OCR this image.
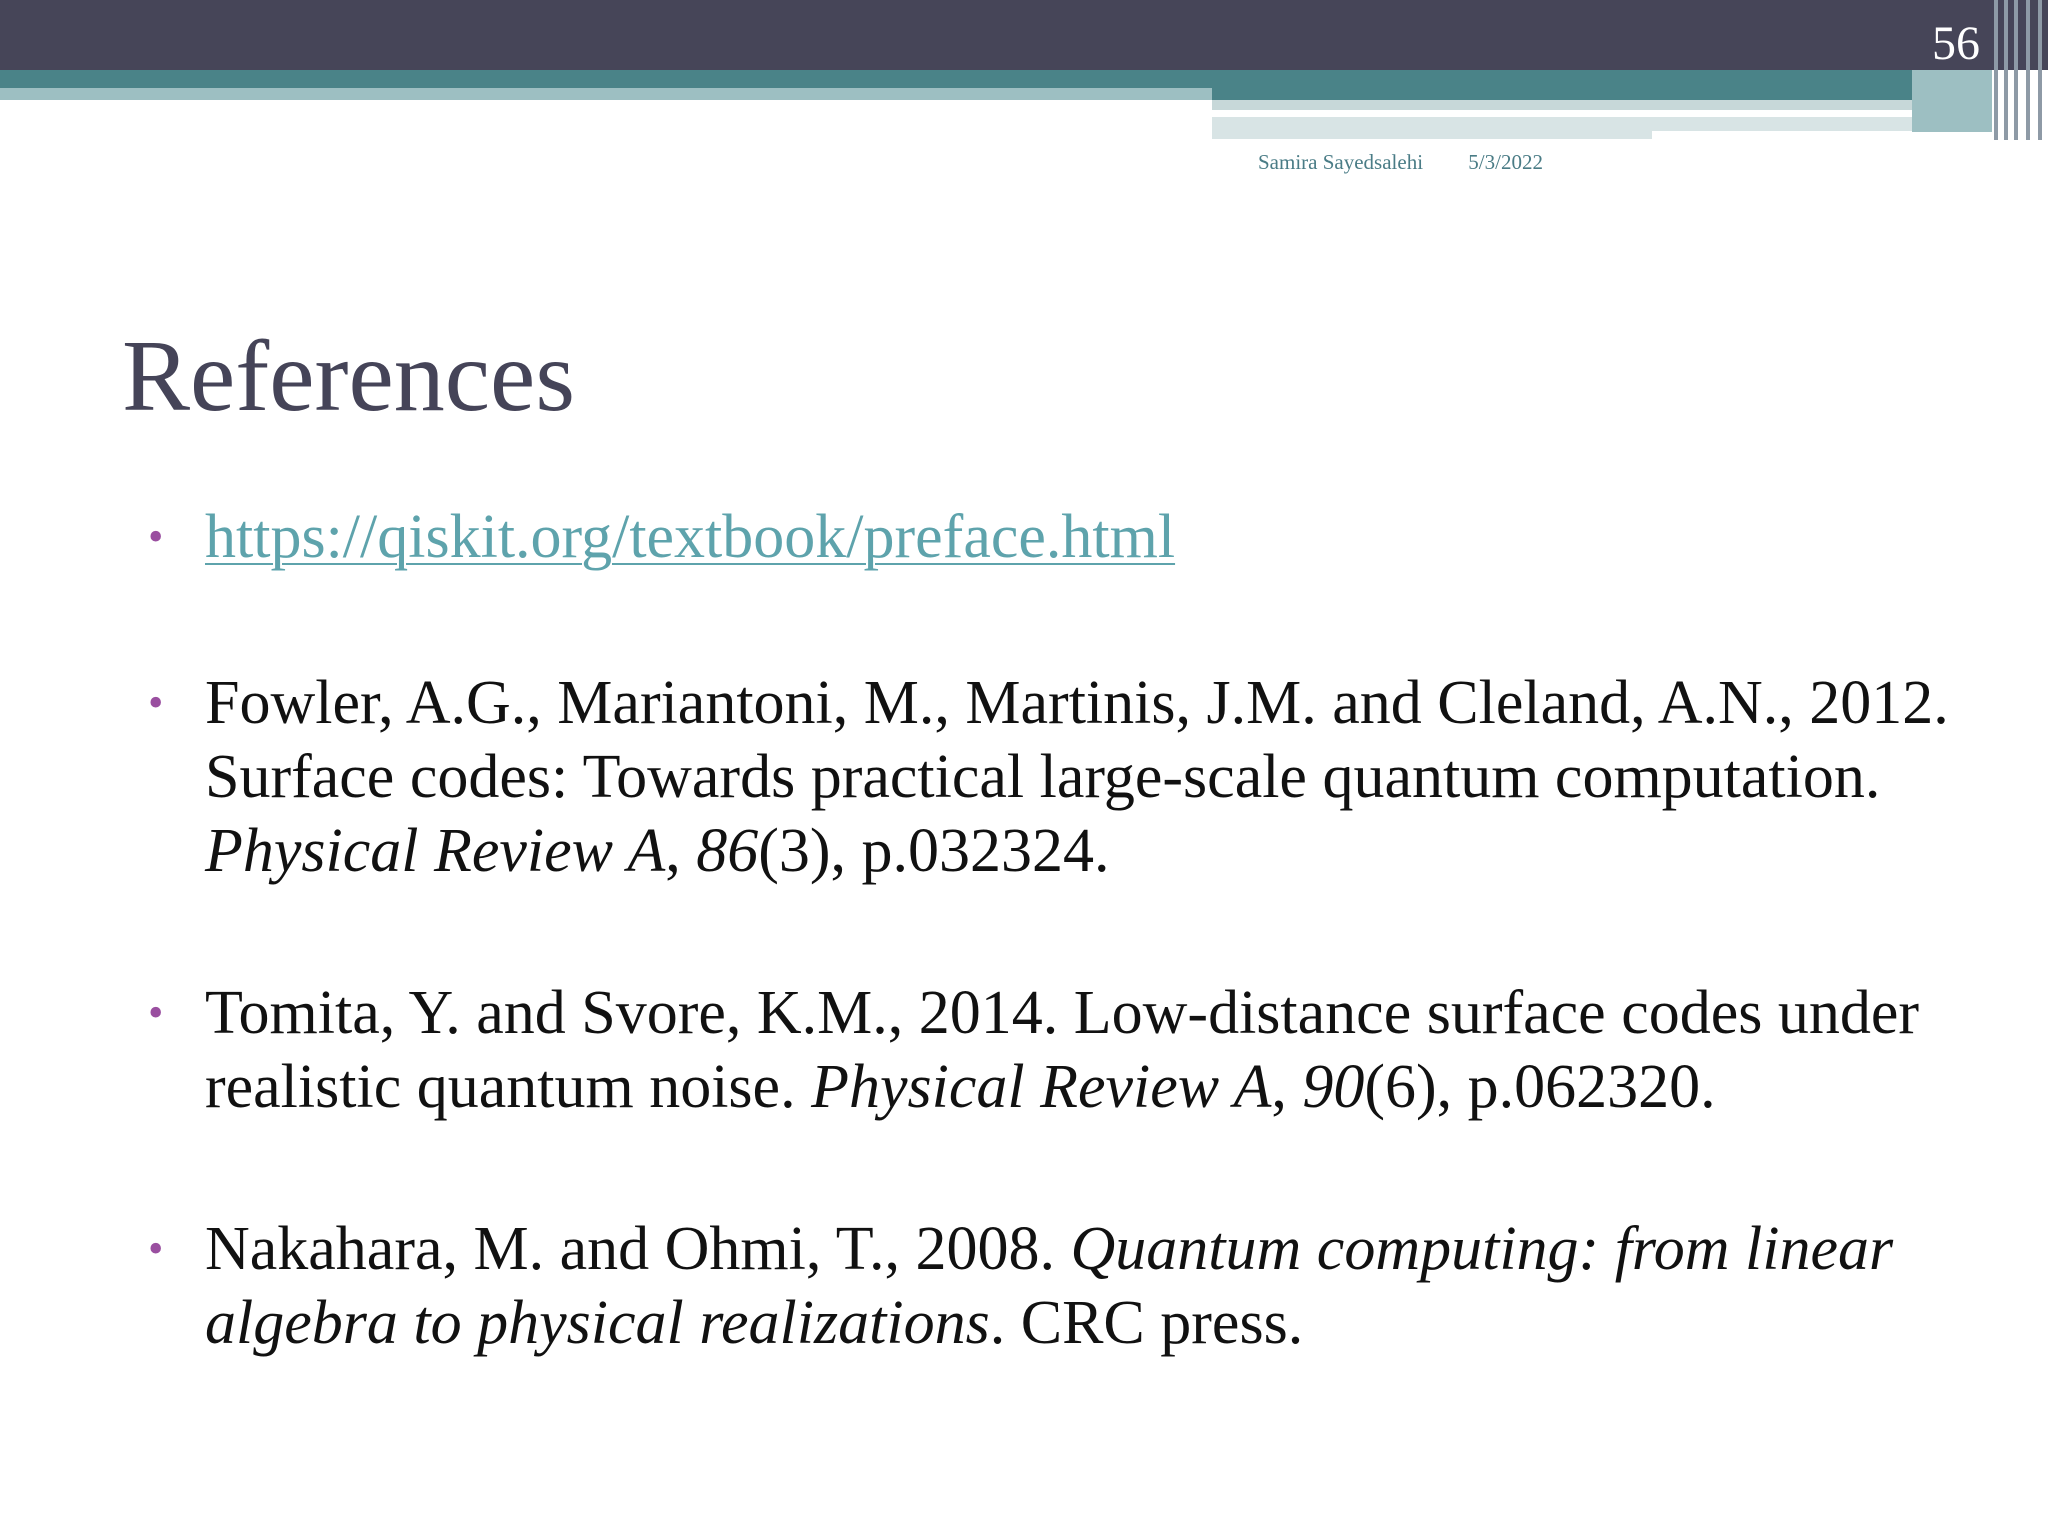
56
Samira Sayedsalehi 5/3/2022
References
• https://qiskit.org/textbook/preface.html
• Fowler, A.G., Mariantoni, M., Martinis, J.M. and Cleland, A.N., 2012. Surface codes: Towards practical large-scale quantum computation. Physical Review A, 86(3), p.032324.
• Tomita, Y. and Svore, K.M., 2014. Low-distance surface codes under realistic quantum noise. Physical Review A, 90(6), p.062320.
• Nakahara, M. and Ohmi, T., 2008. Quantum computing: from linear algebra to physical realizations. CRC press.
